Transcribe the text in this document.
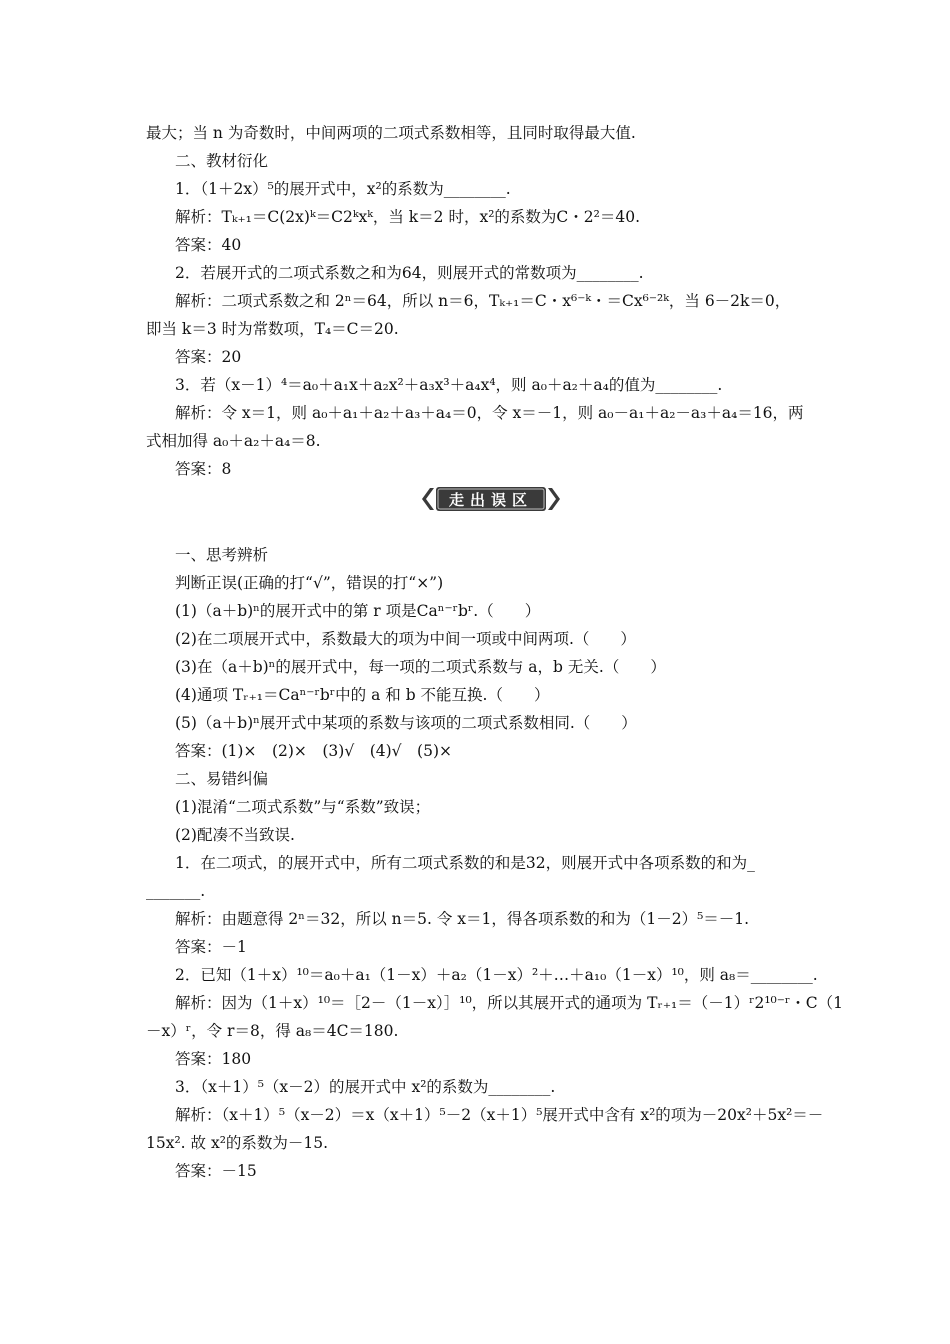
最大；当 n 为奇数时，中间两项的二项式系数相等，且同时取得最大值.
二、教材衍化
1．（1＋2x）⁵的展开式中，x²的系数为________.
解析：Tₖ₊₁＝C(2x)ᵏ＝C2ᵏxᵏ，当 k＝2 时，x²的系数为C・2²＝40.
答案：40
2．若展开式的二项式系数之和为64，则展开式的常数项为________.
解析：二项式系数之和 2ⁿ＝64，所以 n＝6，Tₖ₊₁＝C・x⁶⁻ᵏ・＝Cx⁶⁻²ᵏ，当 6－2k＝0，
即当 k＝3 时为常数项，T₄＝C＝20.
答案：20
3．若（x－1）⁴＝a₀＋a₁x＋a₂x²＋a₃x³＋a₄x⁴，则 a₀＋a₂＋a₄的值为________.
解析：令 x＝1，则 a₀＋a₁＋a₂＋a₃＋a₄＝0，令 x＝－1，则 a₀－a₁＋a₂－a₃＋a₄＝16，两
式相加得 a₀＋a₂＋a₄＝8.
答案：8
走出误区
一、思考辨析
判断正误(正确的打“√”，错误的打“×”)
(1)（a＋b)ⁿ的展开式中的第 r 项是Caⁿ⁻ʳbʳ.（　　）
(2)在二项展开式中，系数最大的项为中间一项或中间两项.（　　）
(3)在（a＋b)ⁿ的展开式中，每一项的二项式系数与 a，b 无关.（　　）
(4)通项 Tᵣ₊₁＝Caⁿ⁻ʳbʳ中的 a 和 b 不能互换.（　　）
(5)（a＋b)ⁿ展开式中某项的系数与该项的二项式系数相同.（　　）
答案：(1)×　(2)×　(3)√　(4)√　(5)×
二、易错纠偏
(1)混淆“二项式系数”与“系数”致误；
(2)配凑不当致误.
1．在二项式，的展开式中，所有二项式系数的和是32，则展开式中各项系数的和为_
_______.
解析：由题意得 2ⁿ＝32，所以 n＝5. 令 x＝1，得各项系数的和为（1－2）⁵＝－1.
答案：－1
2．已知（1＋x）¹⁰＝a₀＋a₁（1－x）＋a₂（1－x）²＋…＋a₁₀（1－x）¹⁰，则 a₈＝________.
解析：因为（1＋x）¹⁰＝［2－（1－x）］¹⁰，所以其展开式的通项为 Tᵣ₊₁＝（－1）ʳ2¹⁰⁻ʳ・C（1
－x）ʳ，令 r＝8，得 a₈＝4C＝180.
答案：180
3．（x＋1）⁵（x－2）的展开式中 x²的系数为________.
解析：（x＋1）⁵（x－2）＝x（x＋1）⁵－2（x＋1）⁵展开式中含有 x²的项为－20x²＋5x²＝－
15x². 故 x²的系数为－15.
答案：－15
